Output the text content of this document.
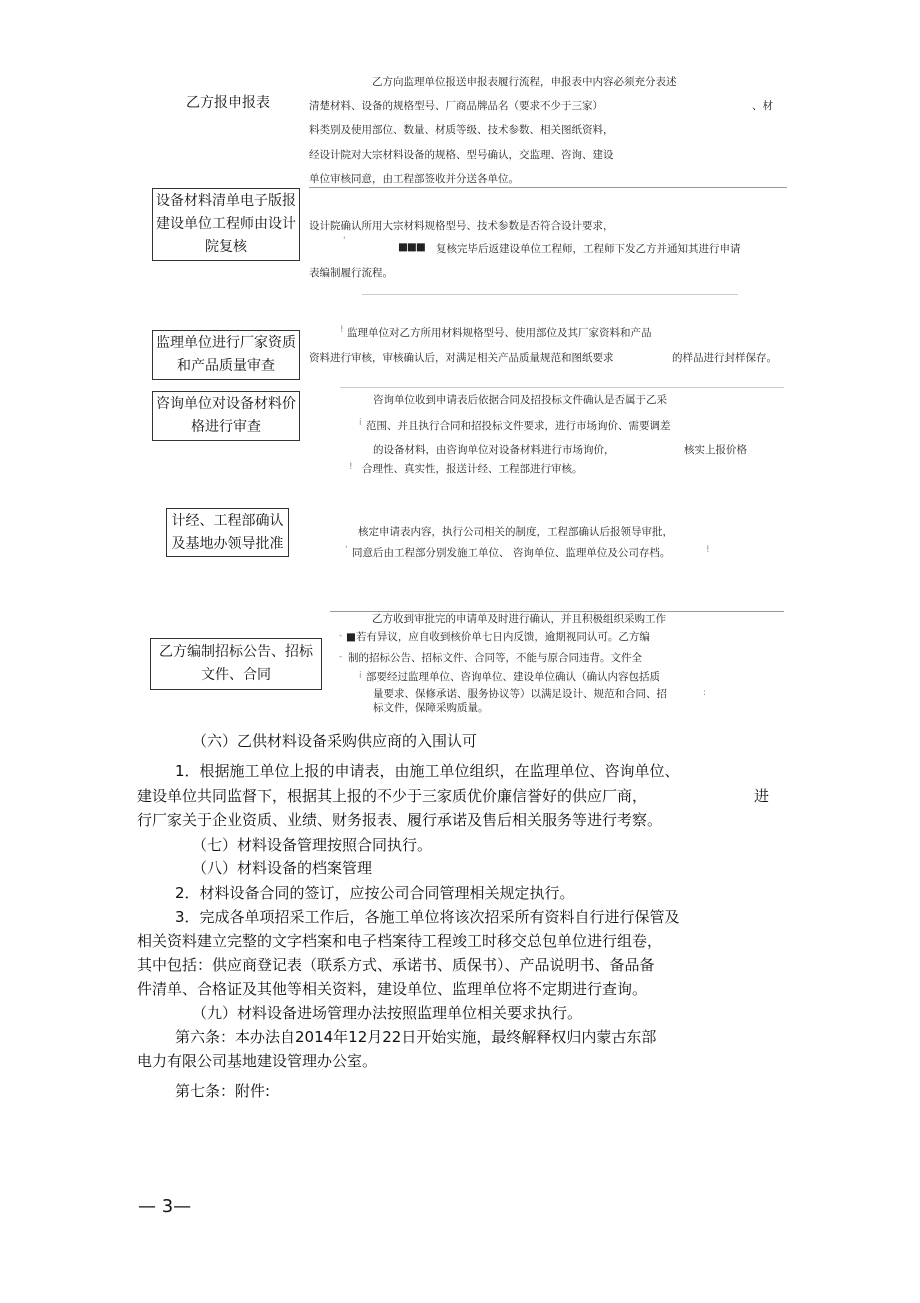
乙方报申报表
乙方向监理单位报送申报表履行流程，申报表中内容必须充分表述
清楚材料、设备的规格型号、厂商品牌品名（要求不少于三家）	、材
料类别及使用部位、数量、材质等级、技术参数、相关图纸资料，
经设计院对大宗材料设备的规格、型号确认，交监理、咨询、建设
单位审核同意，由工程部签收并分送各单位。
设备材料清单电子版报
建设单位工程师由设计
院复核
设计院确认所用大宗材料规格型号、技术参数是否符合设计要求，
'	■■■ 复核完毕后返建设单位工程师，工程师下发乙方并通知其进行申请
表编制履行流程。
监理单位进行厂家资质
和产品质量审查
! 监理单位对乙方所用材料规格型号、使用部位及其厂家资料和产品
资料进行审核，审核确认后，对满足相关产品质量规范和图纸要求	的样品进行封样保存。
咨询单位对设备材料价
格进行审查
咨询单位收到申请表后依据合同及招投标文件确认是否属于乙采
i 范围、并且执行合同和招投标文件要求，进行市场询价、需要调差
的设备材料，由咨询单位对设备材料进行市场询价，	核实上报价格
! 合理性、真实性，报送计经、工程部进行审核。
计经、工程部确认
及基地办领导批准
核定申请表内容，执行公司相关的制度，工程部确认后报领导审批，
' 同意后由工程部分别发施工单位、 咨询单位、监理单位及公司存档。	!
乙方编制招标公告、招标
文件、合同
乙方收到审批完的申请单及时进行确认，并且积极组织采购工作
- ■若有异议，应自收到核价单七日内反馈，逾期视同认可。乙方编
- 制的招标公告、招标文件、合同等，不能与原合同违背。文件全
i 部要经过监理单位、咨询单位、建设单位确认（确认内容包括质
量要求、保修承诺、服务协议等）以满足设计、规范和合同、招	:
标文件，保障采购质量。
（六）乙供材料设备采购供应商的入围认可
1．根据施工单位上报的申请表，由施工单位组织，在监理单位、咨询单位、
建设单位共同监督下，根据其上报的不少于三家质优价廉信誉好的供应厂商，	进
行厂家关于企业资质、业绩、财务报表、履行承诺及售后相关服务等进行考察。
（七）材料设备管理按照合同执行。
（八）材料设备的档案管理
2．材料设备合同的签订，应按公司合同管理相关规定执行。
3．完成各单项招采工作后，各施工单位将该次招采所有资料自行进行保管及
相关资料建立完整的文字档案和电子档案待工程竣工时移交总包单位进行组卷，
其中包括：供应商登记表（联系方式、承诺书、质保书）、产品说明书、备品备
件清单、合格证及其他等相关资料，建设单位、监理单位将不定期进行查询。
（九）材料设备进场管理办法按照监理单位相关要求执行。
第六条：本办法自2014年12月22日开始实施，最终解释权归内蒙古东部
电力有限公司基地建设管理办公室。
第七条：附件:
— 3—
